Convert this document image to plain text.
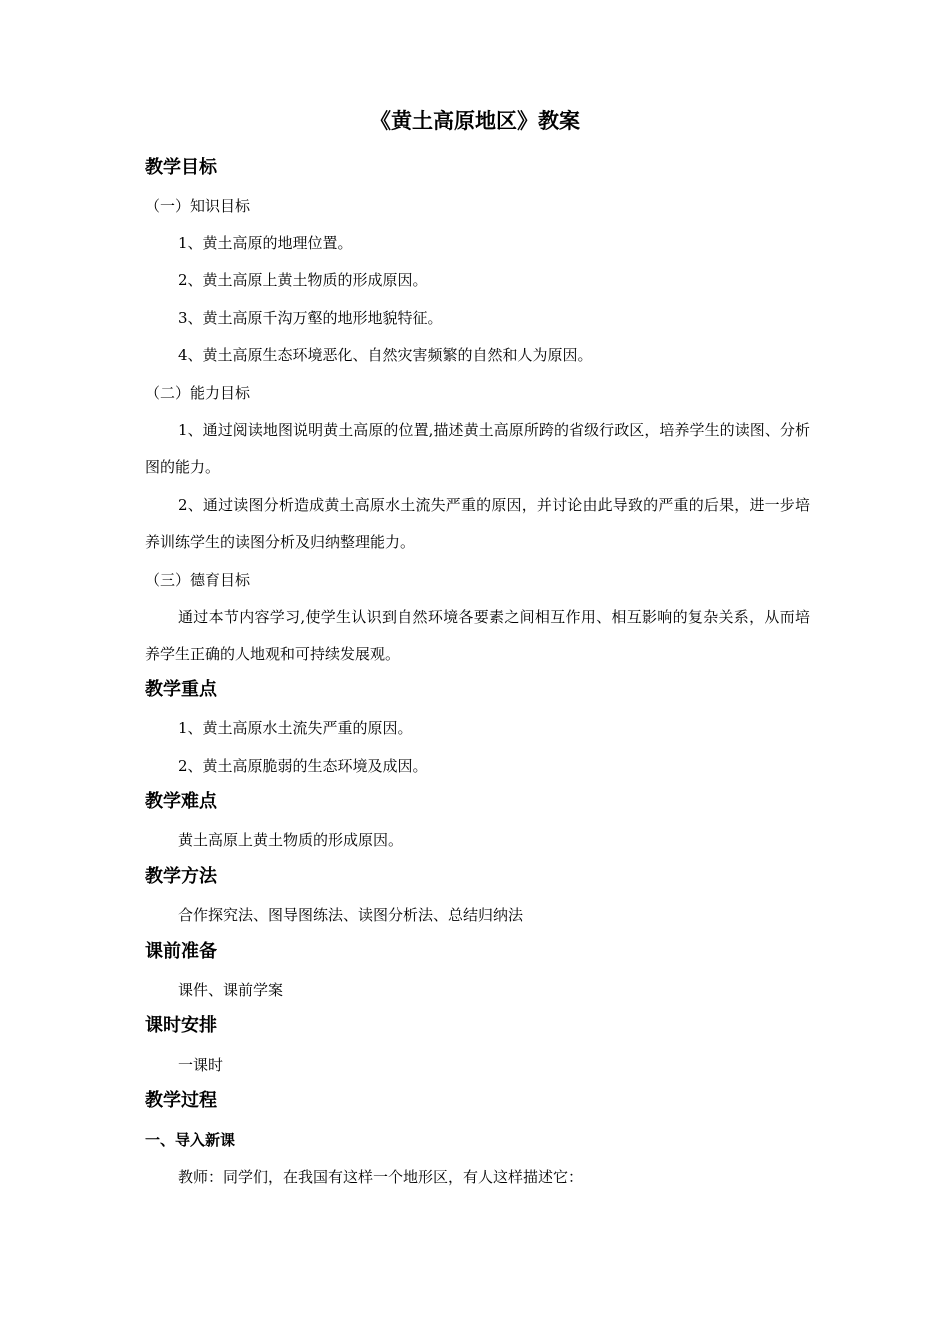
《黄土高原地区》教案
教学目标
（一）知识目标
1、黄土高原的地理位置。
2、黄土高原上黄土物质的形成原因。
3、黄土高原千沟万壑的地形地貌特征。
4、黄土高原生态环境恶化、自然灾害频繁的自然和人为原因。
（二）能力目标
1、通过阅读地图说明黄土高原的位置,描述黄土高原所跨的省级行政区，培养学生的读图、分析图的能力。
2、通过读图分析造成黄土高原水土流失严重的原因，并讨论由此导致的严重的后果，进一步培养训练学生的读图分析及归纳整理能力。
（三）德育目标
通过本节内容学习,使学生认识到自然环境各要素之间相互作用、相互影响的复杂关系，从而培养学生正确的人地观和可持续发展观。
教学重点
1、黄土高原水土流失严重的原因。
2、黄土高原脆弱的生态环境及成因。
教学难点
黄土高原上黄土物质的形成原因。
教学方法
合作探究法、图导图练法、读图分析法、总结归纳法
课前准备
课件、课前学案
课时安排
一课时
教学过程
一、导入新课
教师：同学们，在我国有这样一个地形区，有人这样描述它：
